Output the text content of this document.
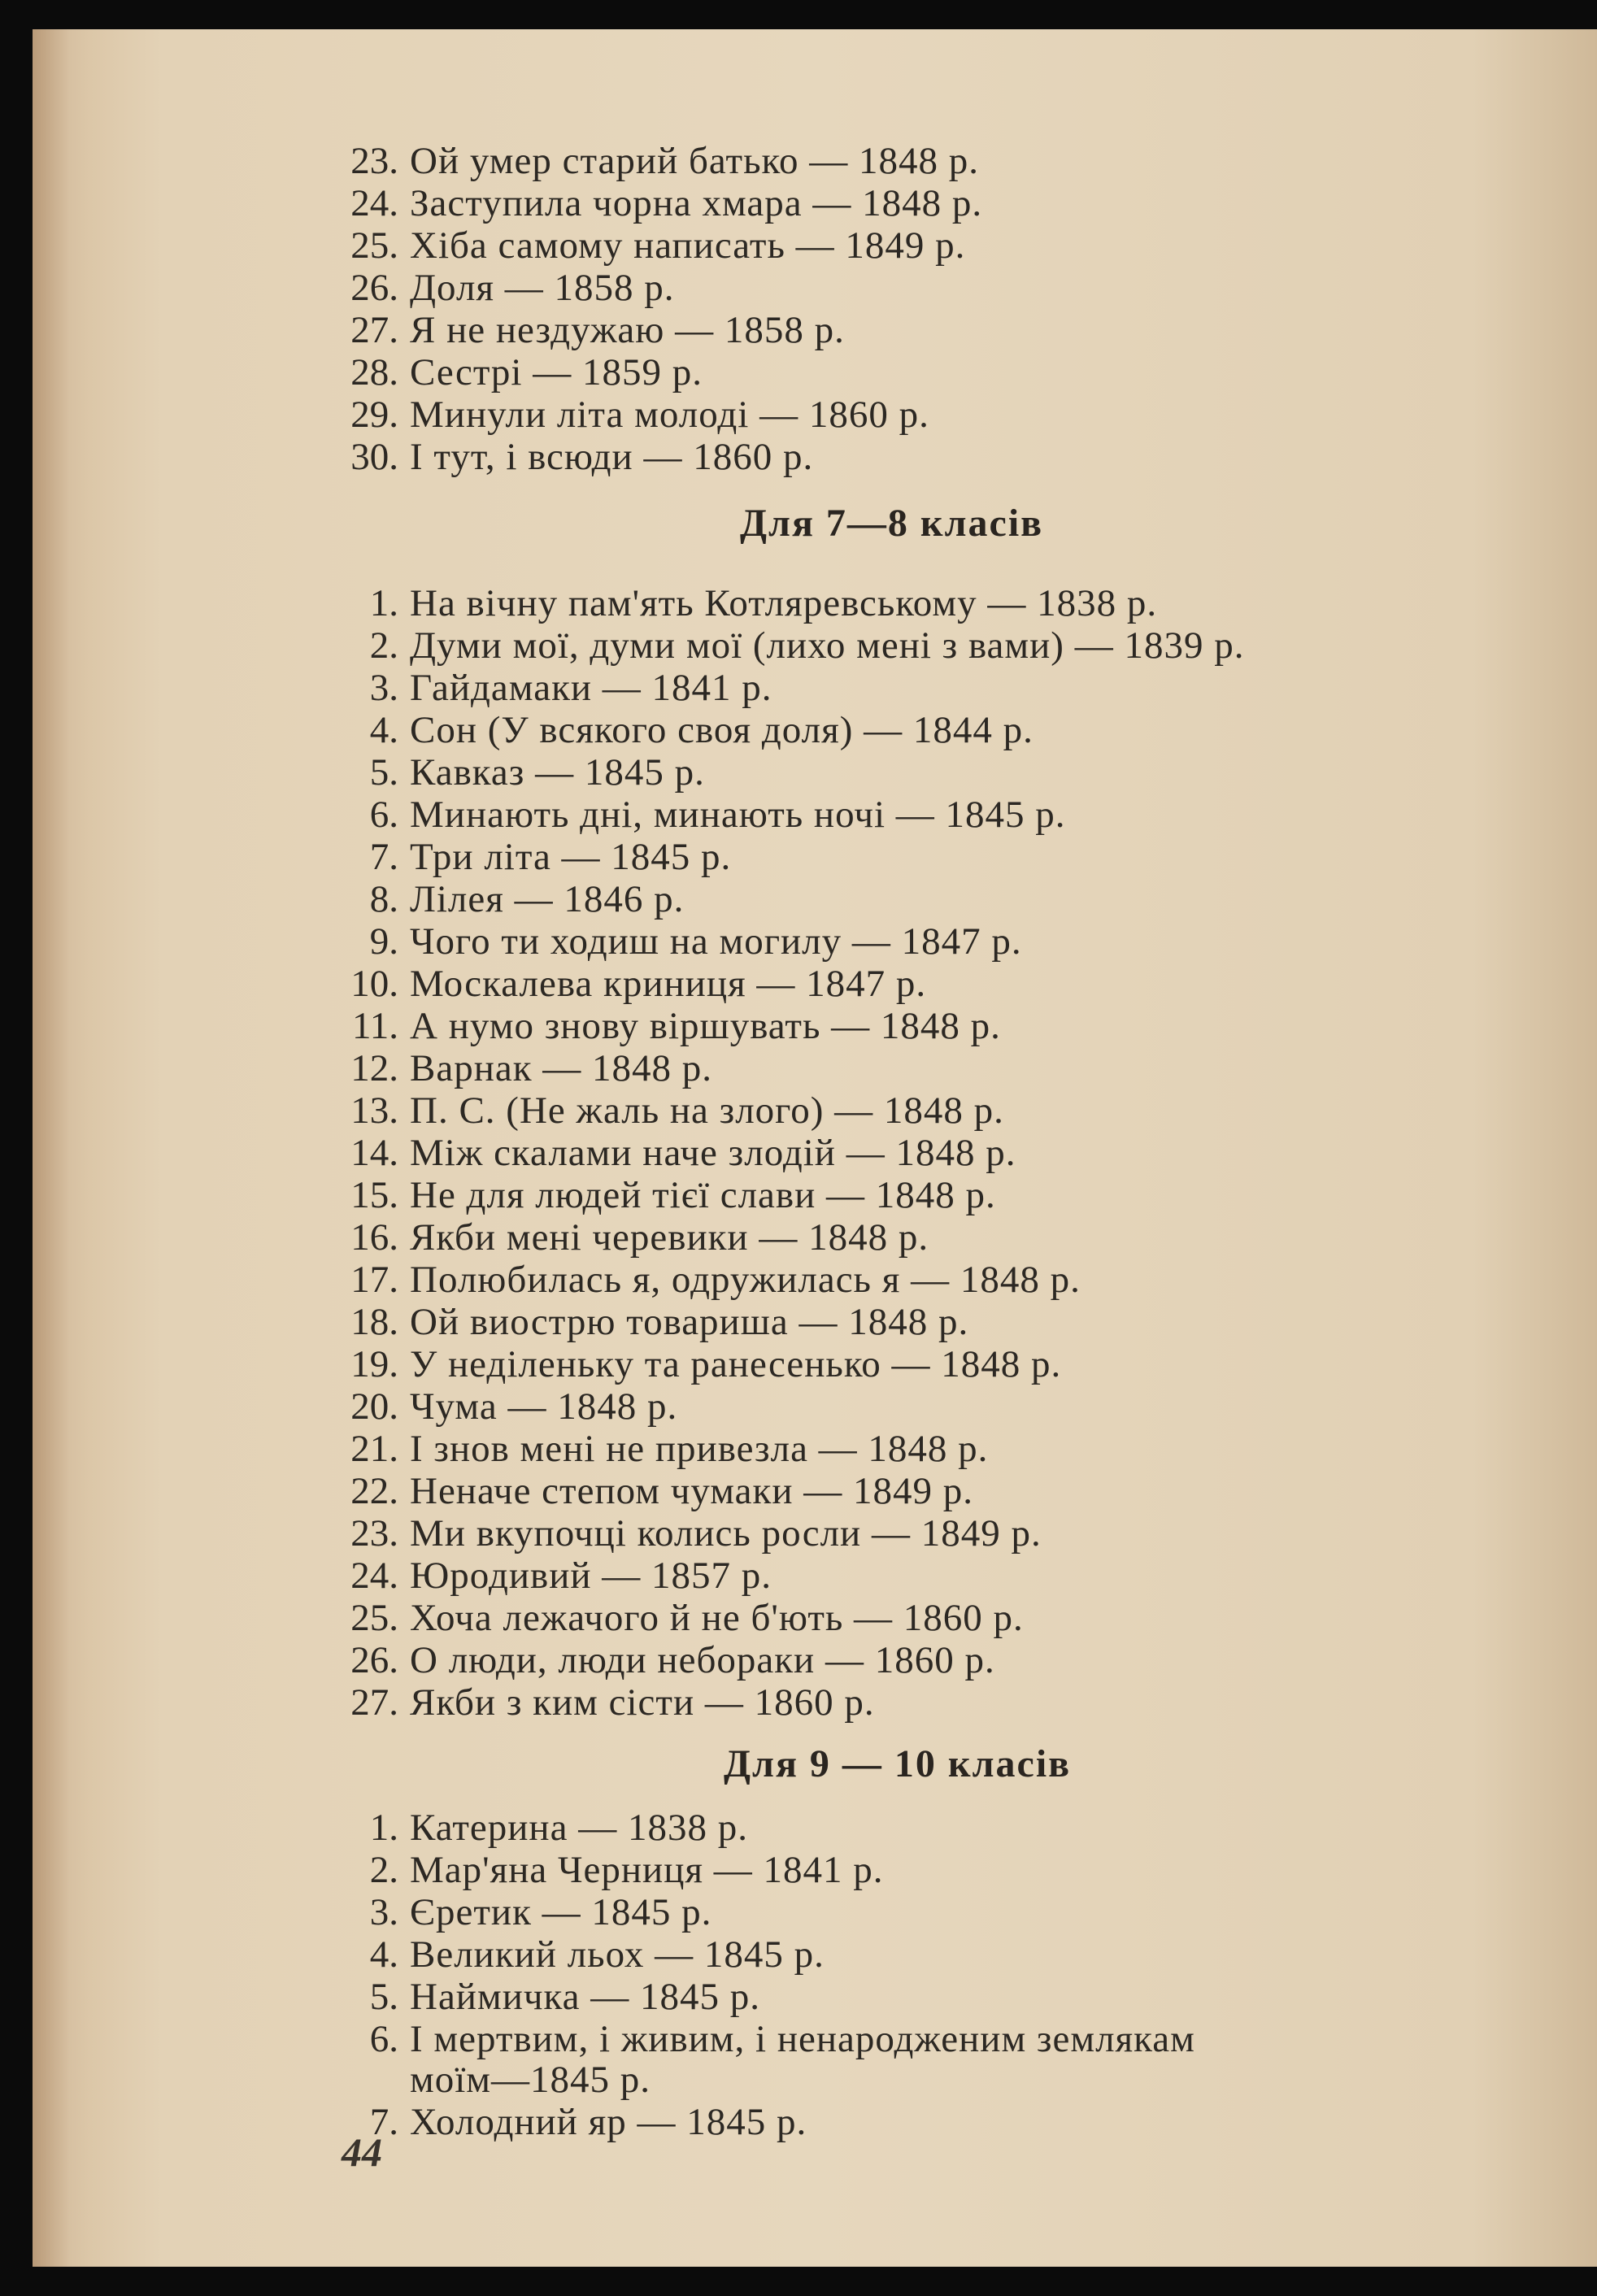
23. Ой умер старий батько — 1848 р.
24. Заступила чорна хмара — 1848 р.
25. Хіба самому написать — 1849 р.
26. Доля — 1858 р.
27. Я не нездужаю — 1858 р.
28. Сестрі — 1859 р.
29. Минули літа молоді — 1860 р.
30. І тут, і всюди — 1860 р.
Для 7—8 класів
1. На вічну пам'ять Котляревському — 1838 р.
2. Думи мої, думи мої (лихо мені з вами) — 1839 р.
3. Гайдамаки — 1841 р.
4. Сон (У всякого своя доля) — 1844 р.
5. Кавказ — 1845 р.
6. Минають дні, минають ночі — 1845 р.
7. Три літа — 1845 р.
8. Лілея — 1846 р.
9. Чого ти ходиш на могилу — 1847 р.
10. Москалева криниця — 1847 р.
11. А нумо знову віршувать — 1848 р.
12. Варнак — 1848 р.
13. П. С. (Не жаль на злого) — 1848 р.
14. Між скалами наче злодій — 1848 р.
15. Не для людей тієї слави — 1848 р.
16. Якби мені черевики — 1848 р.
17. Полюбилась я, одружилась я — 1848 р.
18. Ой виострю товариша — 1848 р.
19. У неділеньку та ранесенько — 1848 р.
20. Чума — 1848 р.
21. І знов мені не привезла — 1848 р.
22. Неначе степом чумаки — 1849 р.
23. Ми вкупочці колись росли — 1849 р.
24. Юродивий — 1857 р.
25. Хоча лежачого й не б'ють — 1860 р.
26. О люди, люди небораки — 1860 р.
27. Якби з ким сісти — 1860 р.
Для 9 — 10 класів
1. Катерина — 1838 р.
2. Мар'яна Черниця — 1841 р.
3. Єретик — 1845 р.
4. Великий льох — 1845 р.
5. Наймичка — 1845 р.
6. І мертвим, і живим, і ненародженим землякам
моїм—1845 р.
7. Холодний яр — 1845 р.
44
